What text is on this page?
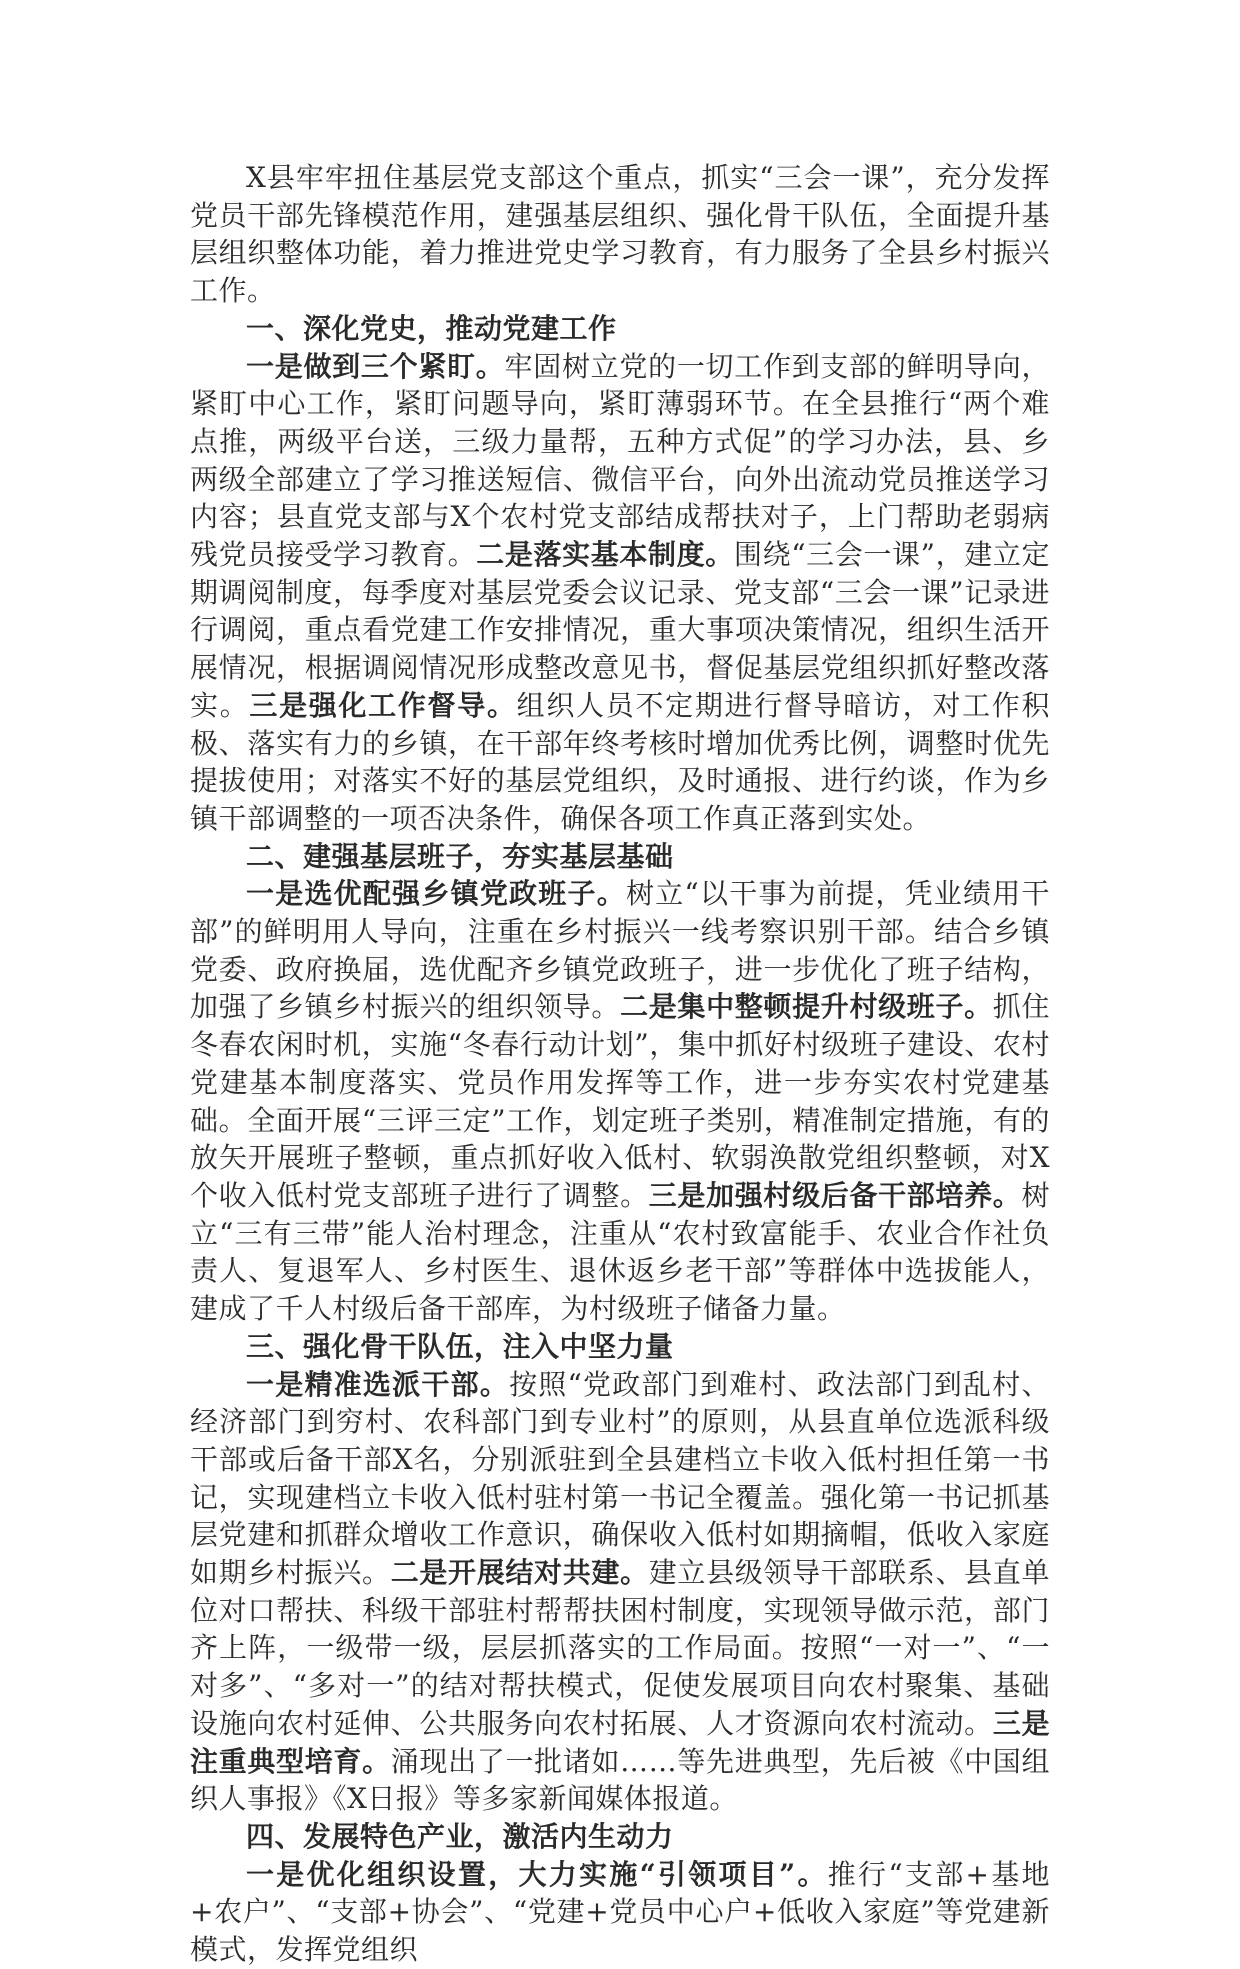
X县牢牢扭住基层党支部这个重点，抓实“三会一课”，充分发挥党员干部先锋模范作用，建强基层组织、强化骨干队伍，全面提升基层组织整体功能，着力推进党史学习教育，有力服务了全县乡村振兴工作。

一、深化党史，推动党建工作

一是做到三个紧盯。牢固树立党的一切工作到支部的鲜明导向，紧盯中心工作，紧盯问题导向，紧盯薄弱环节。在全县推行“两个难点推，两级平台送，三级力量帮，五种方式促”的学习办法，县、乡两级全部建立了学习推送短信、微信平台，向外出流动党员推送学习内容；县直党支部与X个农村党支部结成帮扶对子，上门帮助老弱病残党员接受学习教育。二是落实基本制度。围绕“三会一课”，建立定期调阅制度，每季度对基层党委会议记录、党支部“三会一课”记录进行调阅，重点看党建工作安排情况，重大事项决策情况，组织生活开展情况，根据调阅情况形成整改意见书，督促基层党组织抓好整改落实。三是强化工作督导。组织人员不定期进行督导暗访，对工作积极、落实有力的乡镇，在干部年终考核时增加优秀比例，调整时优先提拔使用；对落实不好的基层党组织，及时通报、进行约谈，作为乡镇干部调整的一项否决条件，确保各项工作真正落到实处。

二、建强基层班子，夯实基层基础

一是选优配强乡镇党政班子。树立“以干事为前提，凭业绩用干部”的鲜明用人导向，注重在乡村振兴一线考察识别干部。结合乡镇党委、政府换届，选优配齐乡镇党政班子，进一步优化了班子结构，加强了乡镇乡村振兴的组织领导。二是集中整顿提升村级班子。抓住冬春农闲时机，实施“冬春行动计划”，集中抓好村级班子建设、农村党建基本制度落实、党员作用发挥等工作，进一步夯实农村党建基础。全面开展“三评三定”工作，划定班子类别，精准制定措施，有的放矢开展班子整顿，重点抓好收入低村、软弱涣散党组织整顿，对X个收入低村党支部班子进行了调整。三是加强村级后备干部培养。树立“三有三带”能人治村理念，注重从“农村致富能手、农业合作社负责人、复退军人、乡村医生、退休返乡老干部”等群体中选拔能人，建成了千人村级后备干部库，为村级班子储备力量。

三、强化骨干队伍，注入中坚力量

一是精准选派干部。按照“党政部门到难村、政法部门到乱村、经济部门到穷村、农科部门到专业村”的原则，从县直单位选派科级干部或后备干部X名，分别派驻到全县建档立卡收入低村担任第一书记，实现建档立卡收入低村驻村第一书记全覆盖。强化第一书记抓基层党建和抓群众增收工作意识，确保收入低村如期摘帽，低收入家庭如期乡村振兴。二是开展结对共建。建立县级领导干部联系、县直单位对口帮扶、科级干部驻村帮帮扶困村制度，实现领导做示范，部门齐上阵，一级带一级，层层抓落实的工作局面。按照“一对一”、“一对多”、“多对一”的结对帮扶模式，促使发展项目向农村聚集、基础设施向农村延伸、公共服务向农村拓展、人才资源向农村流动。三是注重典型培育。涌现出了一批诸如……等先进典型，先后被《中国组织人事报》《X日报》等多家新闻媒体报道。

四、发展特色产业，激活内生动力

一是优化组织设置，大力实施“引领项目”。推行“支部+基地+农户”、“支部+协会”、“党建+党员中心户+低收入家庭”等党建新模式，发挥党组织
